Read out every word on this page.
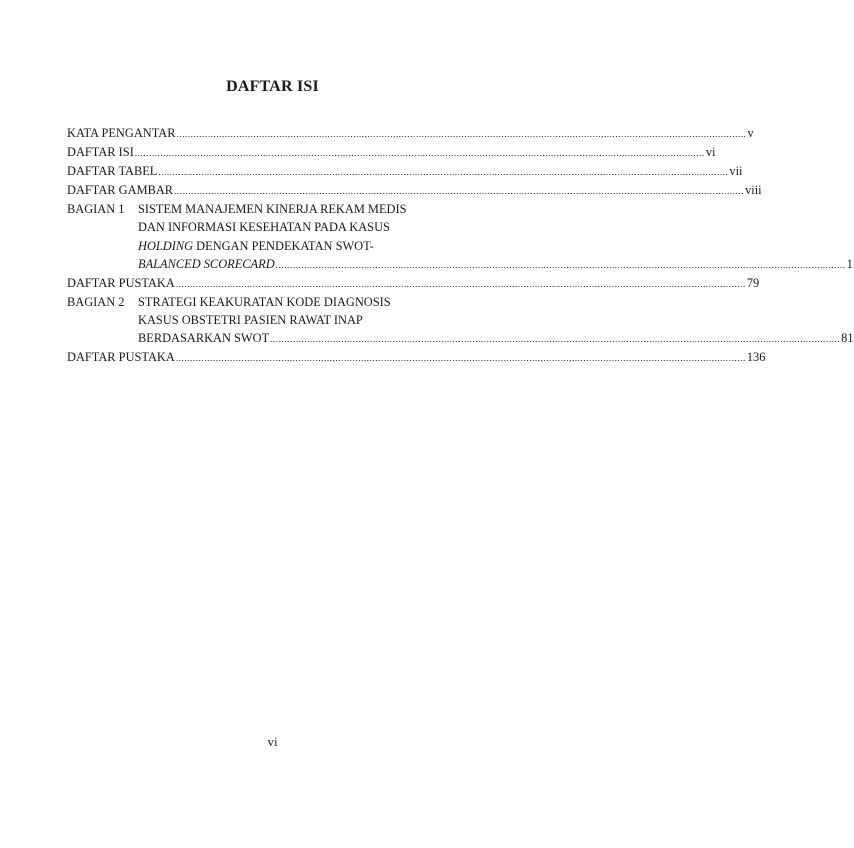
DAFTAR ISI
KATA PENGANTAR ........................................................................................................................................................................................................ v
DAFTAR ISI ........................................................................................................................................................................................................ vi
DAFTAR TABEL ........................................................................................................................................................................................................ vii
DAFTAR GAMBAR ........................................................................................................................................................................................................ viii
BAGIAN 1 SISTEM MANAJEMEN KINERJA REKAM MEDIS
DAN INFORMASI KESEHATAN PADA KASUS
HOLDING DENGAN PENDEKATAN SWOT-
BALANCED SCORECARD ........................................................................................................................................................................................................ 1
DAFTAR PUSTAKA ........................................................................................................................................................................................................ 79
BAGIAN 2 STRATEGI KEAKURATAN KODE DIAGNOSIS
KASUS OBSTETRI PASIEN RAWAT INAP
BERDASARKAN SWOT ........................................................................................................................................................................................................ 81
DAFTAR PUSTAKA ........................................................................................................................................................................................................ 136
vi
